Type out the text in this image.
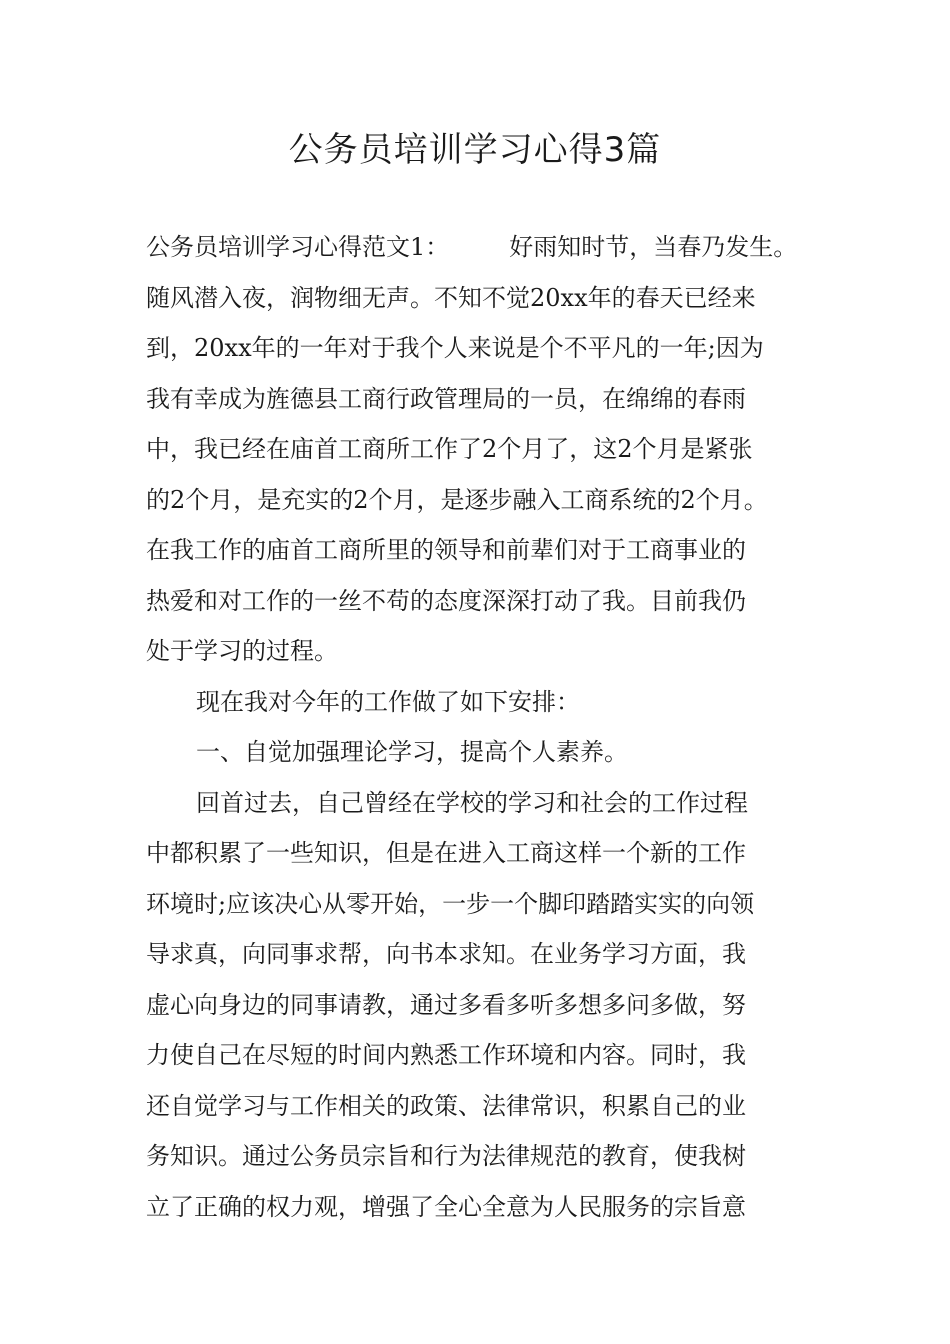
公务员培训学习心得3篇
公务员培训学习心得范文1：	好雨知时节，当春乃发生。
随风潜入夜，润物细无声。不知不觉20xx年的春天已经来
到，20xx年的一年对于我个人来说是个不平凡的一年;因为
我有幸成为旌德县工商行政管理局的一员，在绵绵的春雨
中，我已经在庙首工商所工作了2个月了，这2个月是紧张
的2个月，是充实的2个月，是逐步融入工商系统的2个月。
在我工作的庙首工商所里的领导和前辈们对于工商事业的
热爱和对工作的一丝不苟的态度深深打动了我。目前我仍
处于学习的过程。
现在我对今年的工作做了如下安排：
一、自觉加强理论学习，提高个人素养。
回首过去，自己曾经在学校的学习和社会的工作过程
中都积累了一些知识，但是在进入工商这样一个新的工作
环境时;应该决心从零开始，一步一个脚印踏踏实实的向领
导求真，向同事求帮，向书本求知。在业务学习方面，我
虚心向身边的同事请教，通过多看多听多想多问多做，努
力使自己在尽短的时间内熟悉工作环境和内容。同时，我
还自觉学习与工作相关的政策、法律常识，积累自己的业
务知识。通过公务员宗旨和行为法律规范的教育，使我树
立了正确的权力观，增强了全心全意为人民服务的宗旨意
